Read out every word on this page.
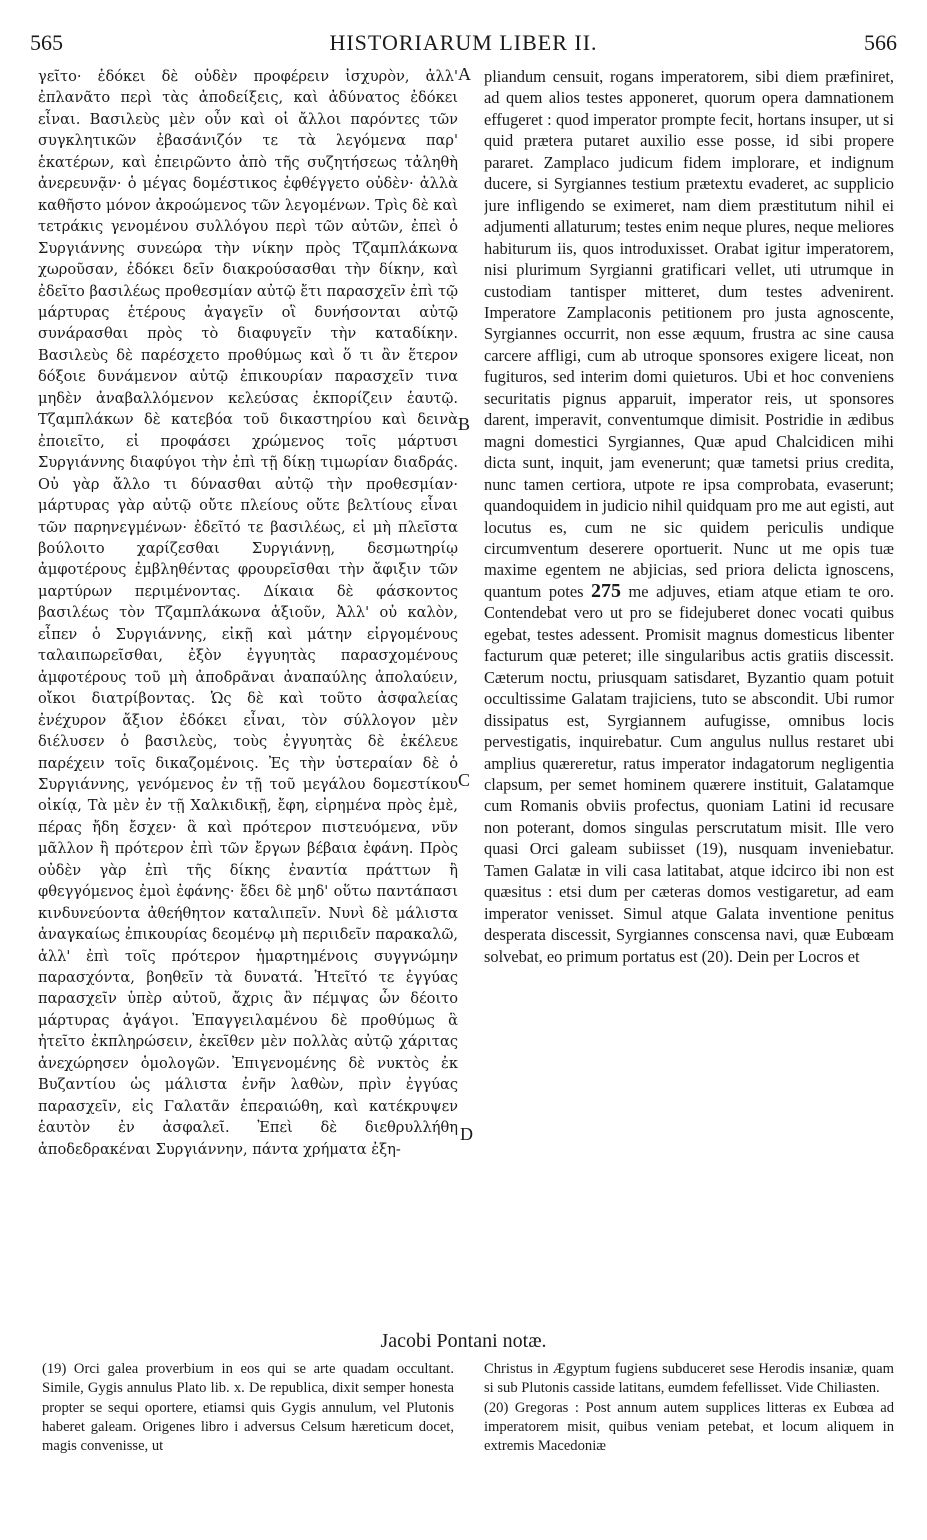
565	HISTORIARUM LIBER II.	566

γεῖτο· ἐδόκει δὲ οὐδὲν προφέρειν ἰσχυρὸν, ἀλλ' ἐπλανᾶτο περὶ τὰς ἀποδείξεις, καὶ ἀδύνατος ἐδόκει εἶναι. Βασιλεὺς μὲν οὖν καὶ οἱ ἄλλοι παρόντες τῶν συγκλητικῶν ἐβασάνιζόν τε τὰ λεγόμενα παρ' ἑκατέρων, καὶ ἐπειρῶντο ἀπὸ τῆς συζητήσεως τἀληθὴ ἀνερευνᾷν· ὁ μέγας δομέστικος ἐφθέγγετο οὐδὲν· ἀλλὰ καθῆστο μόνον ἀκροώμενος τῶν λεγομένων. Τρὶς δὲ καὶ τετράκις γενομένου συλλόγου περὶ τῶν αὐτῶν, ἐπεὶ ὁ Συργιάννης συνεώρα τὴν νίκην πρὸς Τζαμπλάκωνα χωροῦσαν, ἐδόκει δεῖν διακρούσασθαι τὴν δίκην, καὶ ἐδεῖτο βασιλέως προθεσμίαν αὐτῷ ἔτι παρασχεῖν ἐπὶ τῷ μάρτυρας ἑτέρους ἀγαγεῖν οἳ δυνήσονται αὐτῷ συνάρασθαι πρὸς τὸ διαφυγεῖν τὴν καταδίκην. Βασιλεὺς δὲ παρέσχετο προθύμως καὶ ὅ τι ἂν ἕτερον δόξοιε δυνάμενον αὐτῷ ἐπικουρίαν παρασχεῖν τινα μηδὲν ἀναβαλλόμενον κελεύσας ἐκπορίζειν ἑαυτῷ. Τζαμπλάκων δὲ κατεβόα τοῦ δικαστηρίου καὶ δεινὰ ἐποιεῖτο, εἰ προφάσει χρώμενος τοῖς μάρτυσι Συργιάννης διαφύγοι τὴν ἐπὶ τῇ δίκῃ τιμωρίαν διαδράς. Οὐ γὰρ ἄλλο τι δύνασθαι αὐτῷ τὴν προθεσμίαν· μάρτυρας γὰρ αὐτῷ οὔτε πλείους οὔτε βελτίους εἶναι τῶν παρηνεγμένων· ἐδεῖτό τε βασιλέως, εἰ μὴ πλεῖστα βούλοιτο χαρίζεσθαι Συργιάννῃ, δεσμωτηρίῳ ἀμφοτέρους ἐμβληθέντας φρουρεῖσθαι τὴν ἄφιξιν τῶν μαρτύρων περιμένοντας. Δίκαια δὲ φάσκοντος βασιλέως τὸν Τζαμπλάκωνα ἀξιοῦν, Ἀλλ' οὐ καλὸν, εἶπεν ὁ Συργιάννης, εἰκῇ καὶ μάτην εἰργομένους ταλαιπωρεῖσθαι, ἐξὸν ἐγγυητὰς παρασχομένους ἀμφοτέρους τοῦ μὴ ἀποδρᾶναι ἀναπαύλης ἀπολαύειν, οἴκοι διατρίβοντας. Ὡς δὲ καὶ τοῦτο ἀσφαλείας ἐνέχυρον ἄξιον ἐδόκει εἶναι, τὸν σύλλογον μὲν διέλυσεν ὁ βασιλεὺς, τοὺς ἐγγυητὰς δὲ ἐκέλευε παρέχειν τοῖς δικαζομένοις. Ἐς τὴν ὑστεραίαν δὲ ὁ Συργιάννης, γενόμενος ἐν τῇ τοῦ μεγάλου δομεστίκου οἰκίᾳ, Τὰ μὲν ἐν τῇ Χαλκιδικῇ, ἔφη, εἰρημένα πρὸς ἐμὲ, πέρας ἤδη ἔσχεν· ἃ καὶ πρότερον πιστευόμενα, νῦν μᾶλλον ἢ πρότερον ἐπὶ τῶν ἔργων βέβαια ἐφάνη. Πρὸς οὐδὲν γὰρ ἐπὶ τῆς δίκης ἐναντία πράττων ἢ φθεγγόμενος ἐμοὶ ἐφάνης· ἔδει δὲ μηδ' οὕτω παντάπασι κινδυνεύοντα ἀθεήθητον καταλιπεῖν. Νυνὶ δὲ μάλιστα ἀναγκαίως ἐπικουρίας δεομένῳ μὴ περιιδεῖν παρακαλῶ, ἀλλ' ἐπὶ τοῖς πρότερον ἡμαρτημένοις συγγνώμην παρασχόντα, βοηθεῖν τὰ δυνατά. Ἠτεῖτό τε ἐγγύας παρασχεῖν ὑπὲρ αὐτοῦ, ἄχρις ἂν πέμψας ὧν δέοιτο μάρτυρας ἀγάγοι. Ἐπαγγειλαμένου δὲ προθύμως ἃ ἠτεῖτο ἐκπληρώσειν, ἐκεῖθεν μὲν πολλὰς αὐτῷ χάριτας ἀνεχώρησεν ὁμολογῶν. Ἐπιγενομένης δὲ νυκτὸς ἐκ Βυζαντίου ὡς μάλιστα ἐνῆν λαθὼν, πρὶν ἐγγύας παρασχεῖν, εἰς Γαλατᾶν ἐπεραιώθη, καὶ κατέκρυψεν ἑαυτὸν ἐν ἀσφαλεῖ. Ἐπεὶ δὲ διεθρυλλήθη ἀποδεδρακέναι Συργιάννην, πάντα χρήματα ἐξη-

A
B
C
D

pliandum censuit, rogans imperatorem, sibi diem præfiniret, ad quem alios testes apponeret, quorum opera damnationem effugeret : quod imperator prompte fecit, hortans insuper, ut si quid prætera putaret auxilio esse posse, id sibi propere pararet. Zamplaco judicum fidem implorare, et indignum ducere, si Syrgiannes testium prætextu evaderet, ac supplicio jure infligendo se eximeret, nam diem præstitutum nihil ei adjumenti allaturum; testes enim neque plures, neque meliores habiturum iis, quos introduxisset. Orabat igitur imperatorem, nisi plurimum Syrgianni gratificari vellet, uti utrumque in custodiam tantisper mitteret, dum testes advenirent. Imperatore Zamplaconis petitionem pro justa agnoscente, Syrgiannes occurrit, non esse æquum, frustra ac sine causa carcere affligi, cum ab utroque sponsores exigere liceat, non fugituros, sed interim domi quieturos. Ubi et hoc conveniens securitatis pignus apparuit, imperator reis, ut sponsores darent, imperavit, conventumque dimisit. Postridie in ædibus magni domestici Syrgiannes, Quæ apud Chalcidicen mihi dicta sunt, inquit, jam evenerunt; quæ tametsi prius credita, nunc tamen certiora, utpote re ipsa comprobata, evaserunt; quandoquidem in judicio nihil quidquam pro me aut egisti, aut locutus es, cum ne sic quidem periculis undique circumventum deserere oportuerit. Nunc ut me opis tuæ maxime egentem ne abjicias, sed priora delicta ignoscens, quantum potes 275 me adjuves, etiam atque etiam te oro. Contendebat vero ut pro se fidejuberet donec vocati quibus egebat, testes adessent. Promisit magnus domesticus libenter facturum quæ peteret; ille singularibus actis gratiis discessit. Cæterum noctu, priusquam satisdaret, Byzantio quam potuit occultissime Galatam trajiciens, tuto se abscondit. Ubi rumor dissipatus est, Syrgiannem aufugisse, omnibus locis pervestigatis, inquirebatur. Cum angulus nullus restaret ubi amplius quæreretur, ratus imperator indagatorum negligentia clapsum, per semet hominem quærere instituit, Galatamque cum Romanis obviis profectus, quoniam Latini id recusare non poterant, domos singulas perscrutatum misit. Ille vero quasi Orci galeam subiisset (19), nusquam inveniebatur. Tamen Galatæ in vili casa latitabat, atque idcirco ibi non est quæsitus : etsi dum per cæteras domos vestigaretur, ad eam imperator venisset. Simul atque Galata inventione penitus desperata discessit, Syrgiannes conscensa navi, quæ Eubœam solvebat, eo primum portatus est (20). Dein per Locros et

Jacobi Pontani notæ.

(19) Orci galea proverbium in eos qui se arte quadam occultant. Simile, Gygis annulus Plato lib. x. De republica, dixit semper honesta propter se sequi oportere, etiamsi quis Gygis annulum, vel Plutonis haberet galeam. Origenes libro i adversus Celsum hæreticum docet, magis convenisse, ut

Christus in Ægyptum fugiens subduceret sese Herodis insaniæ, quam si sub Plutonis casside latitans, eumdem fefellisset. Vide Chiliasten.

(20) Gregoras : Post annum autem supplices litteras ex Eubœa ad imperatorem misit, quibus veniam petebat, et locum aliquem in extremis Macedoniæ
